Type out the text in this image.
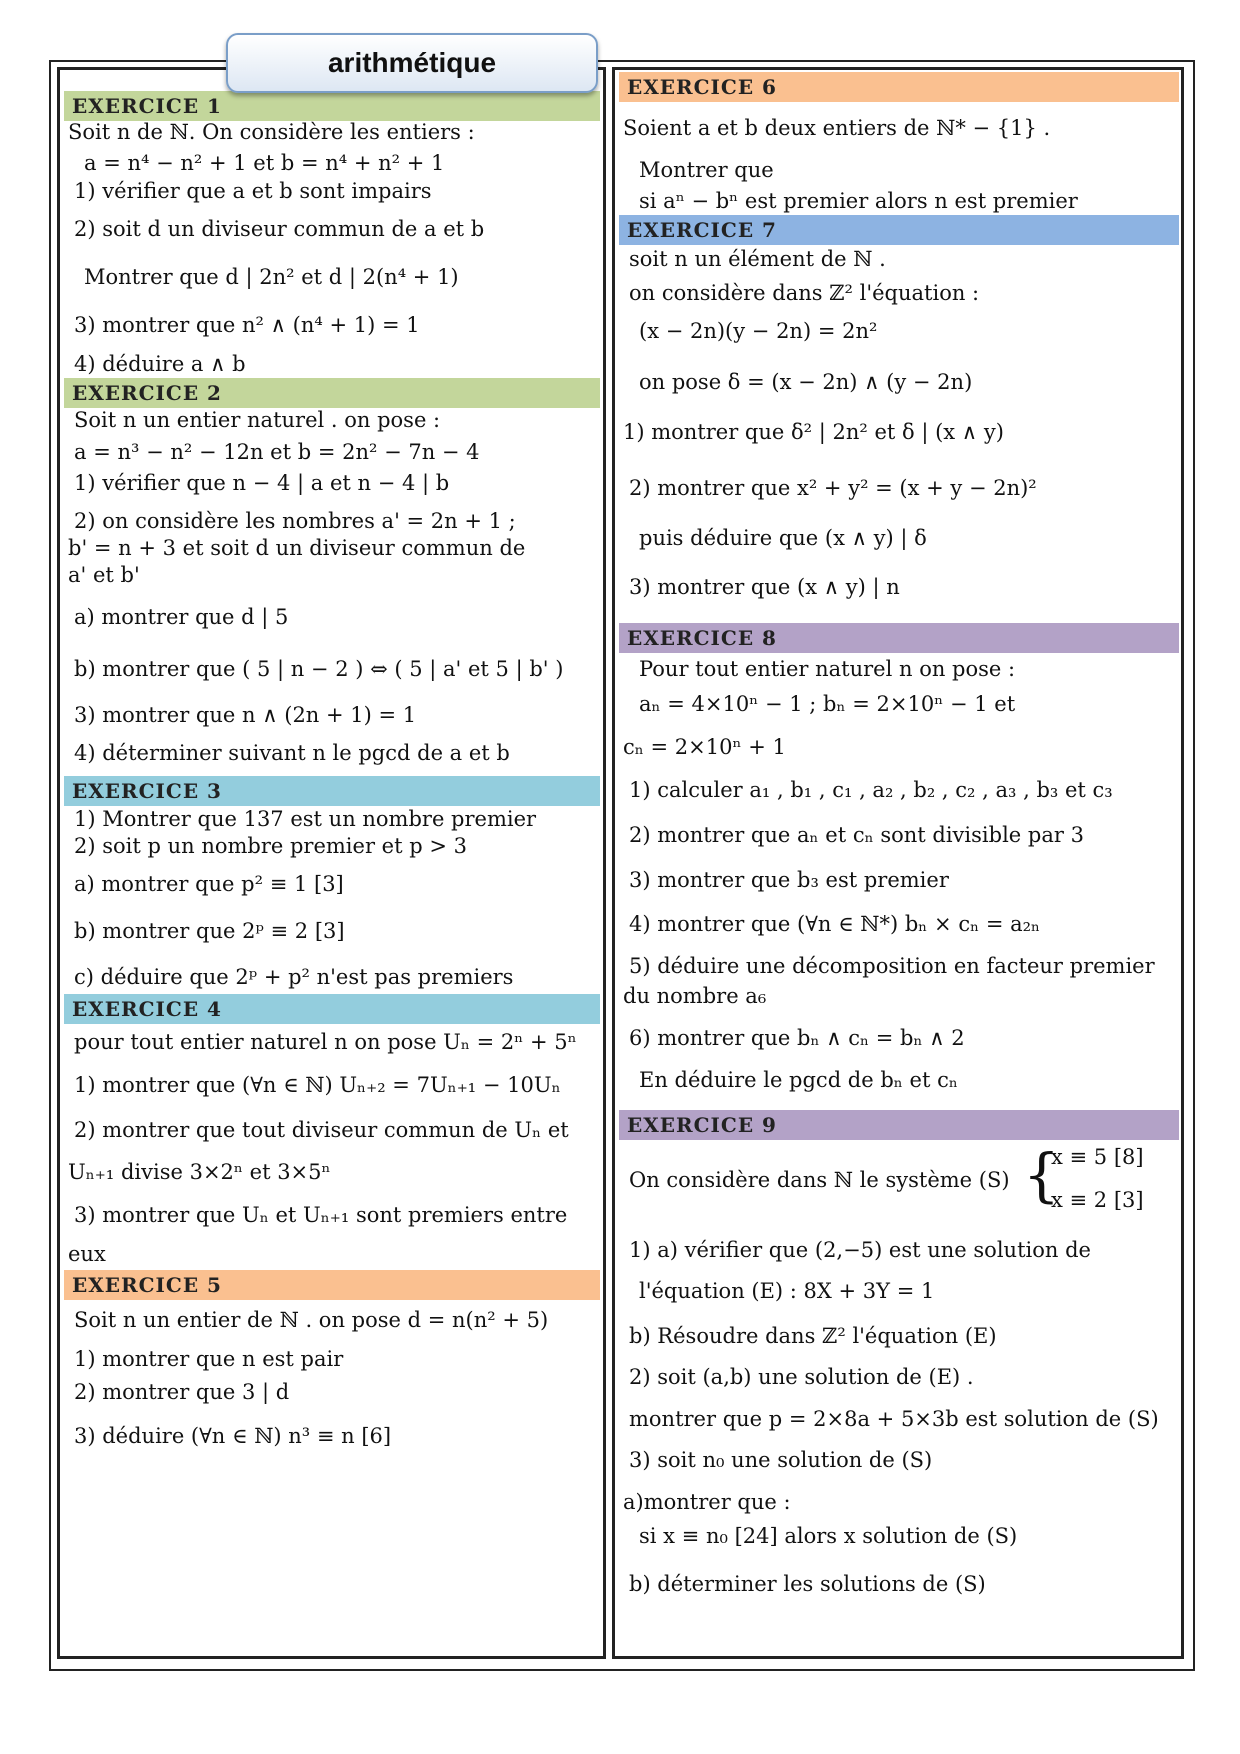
arithmétique
EXERCICE 1
Soit n de ℕ. On considère les entiers :
a = n⁴ − n² + 1 et b = n⁴ + n² + 1
1) vérifier que a et b sont impairs
2) soit d un diviseur commun de a et b
Montrer que d | 2n² et d | 2(n⁴ + 1)
3) montrer que n² ∧ (n⁴ + 1) = 1
4) déduire a ∧ b
EXERCICE 2
Soit n un entier naturel . on pose :
a = n³ − n² − 12n et b = 2n² − 7n − 4
1) vérifier que n − 4 | a et n − 4 | b
2) on considère les nombres a' = 2n + 1 ;
b' = n + 3 et soit d un diviseur commun de
a' et b'
a) montrer que d | 5
b) montrer que ( 5 | n − 2 ) ⇔ ( 5 | a' et 5 | b' )
3) montrer que n ∧ (2n + 1) = 1
4) déterminer suivant n le pgcd de a et b
EXERCICE 3
1) Montrer que 137 est un nombre premier
2) soit p un nombre premier et p > 3
a) montrer que p² ≡ 1 [3]
b) montrer que 2ᵖ ≡ 2 [3]
c) déduire que 2ᵖ + p² n'est pas premiers
EXERCICE 4
pour tout entier naturel n on pose Uₙ = 2ⁿ + 5ⁿ
1) montrer que (∀n ∈ ℕ) Uₙ₊₂ = 7Uₙ₊₁ − 10Uₙ
2) montrer que tout diviseur commun de Uₙ et
Uₙ₊₁ divise 3×2ⁿ et 3×5ⁿ
3) montrer que Uₙ et Uₙ₊₁ sont premiers entre
eux
EXERCICE 5
Soit n un entier de ℕ . on pose d = n(n² + 5)
1) montrer que n est pair
2) montrer que 3 | d
3) déduire (∀n ∈ ℕ) n³ ≡ n [6]
EXERCICE 6
Soient a et b deux entiers de ℕ* − {1} .
Montrer que
si aⁿ − bⁿ est premier alors n est premier
EXERCICE 7
soit n un élément de ℕ .
on considère dans ℤ² l'équation :
(x − 2n)(y − 2n) = 2n²
on pose δ = (x − 2n) ∧ (y − 2n)
1) montrer que δ² | 2n² et δ | (x ∧ y)
2) montrer que x² + y² = (x + y − 2n)²
puis déduire que (x ∧ y) | δ
3) montrer que (x ∧ y) | n
EXERCICE 8
Pour tout entier naturel n on pose :
aₙ = 4×10ⁿ − 1 ; bₙ = 2×10ⁿ − 1 et
cₙ = 2×10ⁿ + 1
1) calculer a₁ , b₁ , c₁ , a₂ , b₂ , c₂ , a₃ , b₃ et c₃
2) montrer que aₙ et cₙ sont divisible par 3
3) montrer que b₃ est premier
4) montrer que (∀n ∈ ℕ*) bₙ × cₙ = a₂ₙ
5) déduire une décomposition en facteur premier
du nombre a₆
6) montrer que bₙ ∧ cₙ = bₙ ∧ 2
En déduire le pgcd de bₙ et cₙ
EXERCICE 9
On considère dans ℕ le système (S) {
x ≡ 5 [8]
x ≡ 2 [3]
1) a) vérifier que (2,−5) est une solution de
l'équation (E) : 8X + 3Y = 1
b) Résoudre dans ℤ² l'équation (E)
2) soit (a,b) une solution de (E) .
montrer que p = 2×8a + 5×3b est solution de (S)
3) soit n₀ une solution de (S)
a)montrer que :
si x ≡ n₀ [24] alors x solution de (S)
b) déterminer les solutions de (S)
